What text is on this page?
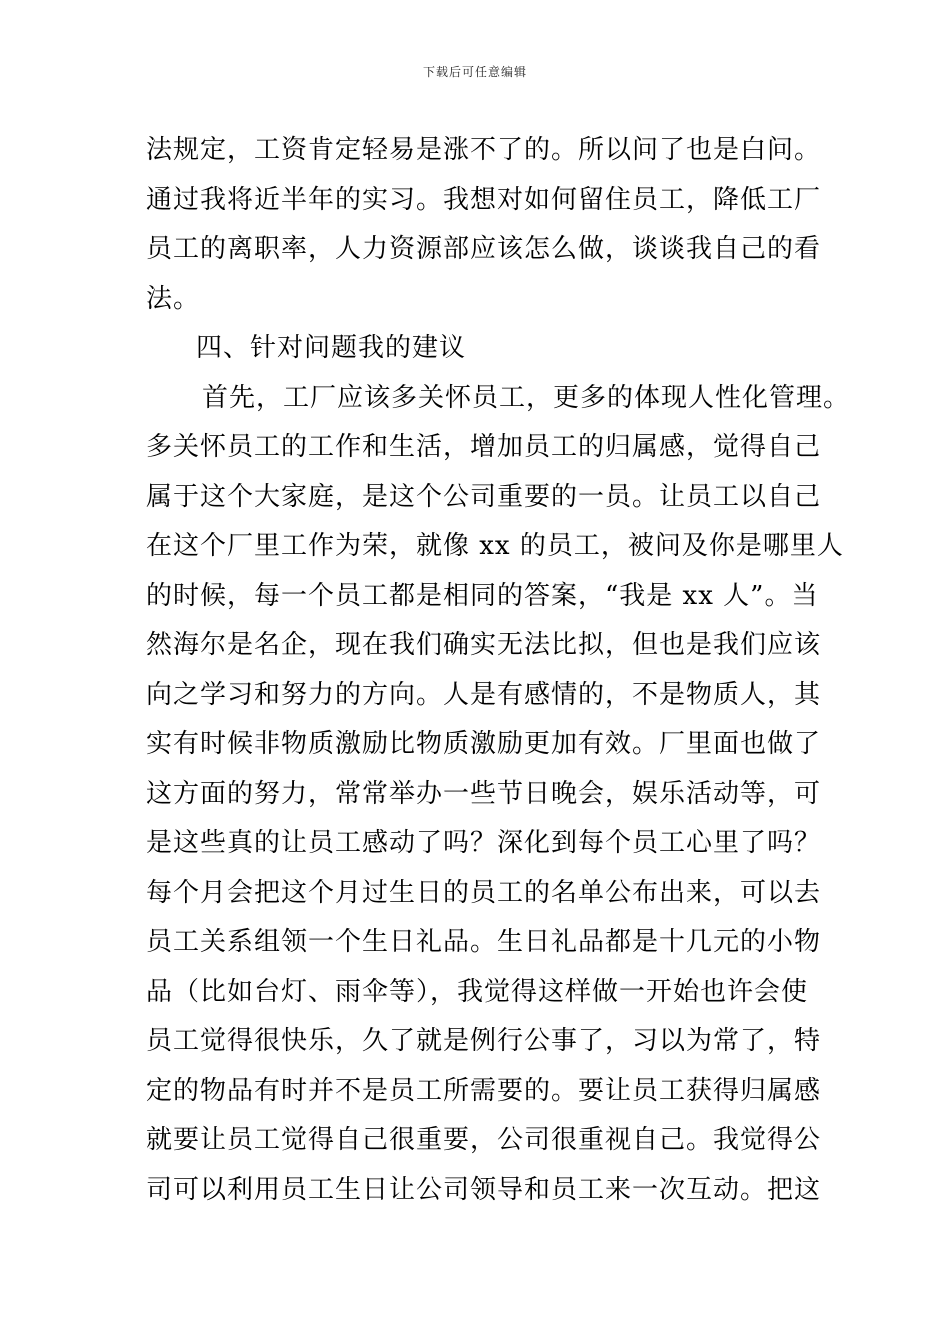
下载后可任意编辑
法规定，工资肯定轻易是涨不了的。所以问了也是白问。
通过我将近半年的实习。我想对如何留住员工，降低工厂
员工的离职率，人力资源部应该怎么做，谈谈我自己的看
法。
四、针对问题我的建议
首先，工厂应该多关怀员工，更多的体现人性化管理。
多关怀员工的工作和生活，增加员工的归属感，觉得自己
属于这个大家庭，是这个公司重要的一员。让员工以自己
在这个厂里工作为荣，就像 xx 的员工，被问及你是哪里人
的时候，每一个员工都是相同的答案，“我是 xx 人”。当
然海尔是名企，现在我们确实无法比拟，但也是我们应该
向之学习和努力的方向。人是有感情的，不是物质人，其
实有时候非物质激励比物质激励更加有效。厂里面也做了
这方面的努力，常常举办一些节日晚会，娱乐活动等，可
是这些真的让员工感动了吗？深化到每个员工心里了吗？
每个月会把这个月过生日的员工的名单公布出来，可以去
员工关系组领一个生日礼品。生日礼品都是十几元的小物
品（比如台灯、雨伞等），我觉得这样做一开始也许会使
员工觉得很快乐，久了就是例行公事了，习以为常了，特
定的物品有时并不是员工所需要的。要让员工获得归属感
就要让员工觉得自己很重要，公司很重视自己。我觉得公
司可以利用员工生日让公司领导和员工来一次互动。把这
